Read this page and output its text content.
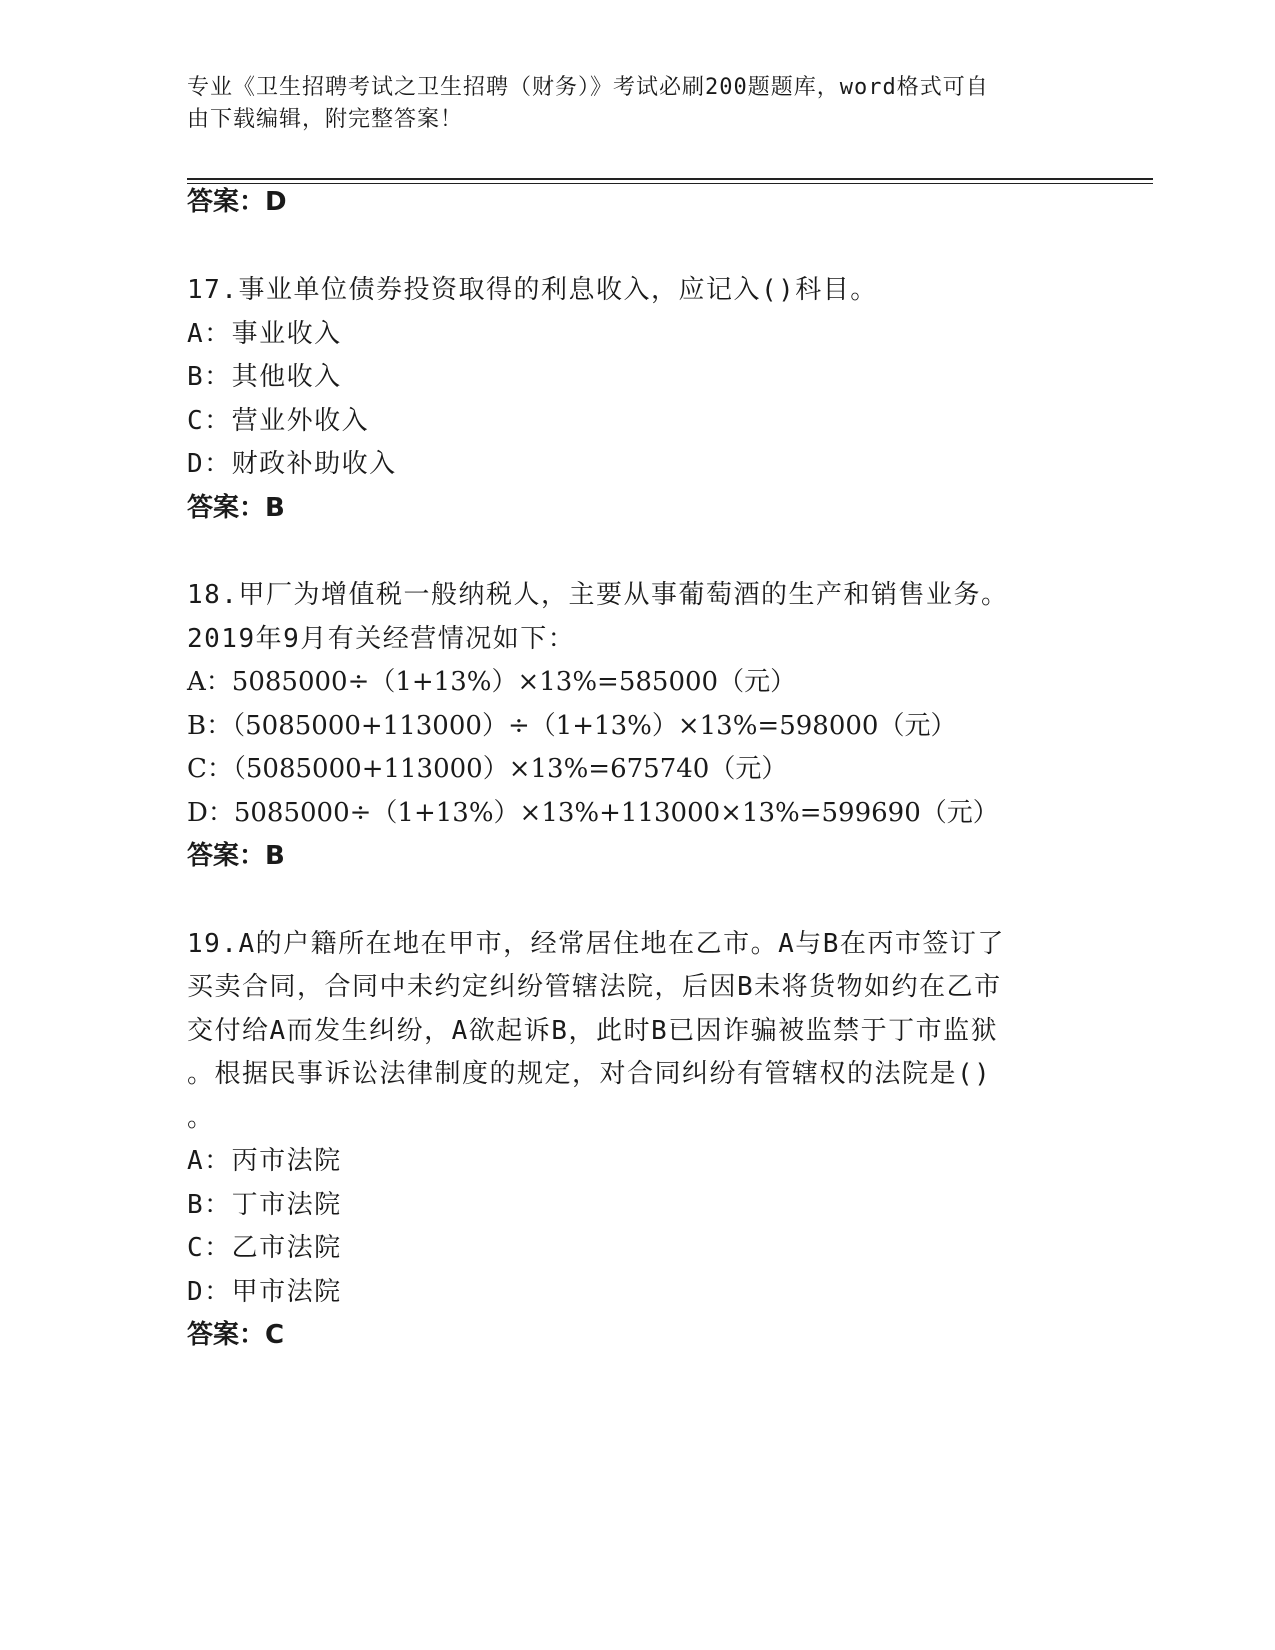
专业《卫生招聘考试之卫生招聘（财务）》考试必刷200题题库，word格式可自
由下载编辑，附完整答案！
答案：D
17.事业单位债券投资取得的利息收入，应记入()科目。
A：事业收入
B：其他收入
C：营业外收入
D：财政补助收入
答案：B
18.甲厂为增值税一般纳税人，主要从事葡萄酒的生产和销售业务。
2019年9月有关经营情况如下：
A：5085000÷（1+13%）×13%=585000（元）
B：（5085000+113000）÷（1+13%）×13%=598000（元）
C：（5085000+113000）×13%=675740（元）
D：5085000÷（1+13%）×13%+113000×13%=599690（元）
答案：B
19.A的户籍所在地在甲市，经常居住地在乙市。A与B在丙市签订了
买卖合同，合同中未约定纠纷管辖法院，后因B未将货物如约在乙市
交付给A而发生纠纷，A欲起诉B，此时B已因诈骗被监禁于丁市监狱
。根据民事诉讼法律制度的规定，对合同纠纷有管辖权的法院是()
。
A：丙市法院
B：丁市法院
C：乙市法院
D：甲市法院
答案：C
